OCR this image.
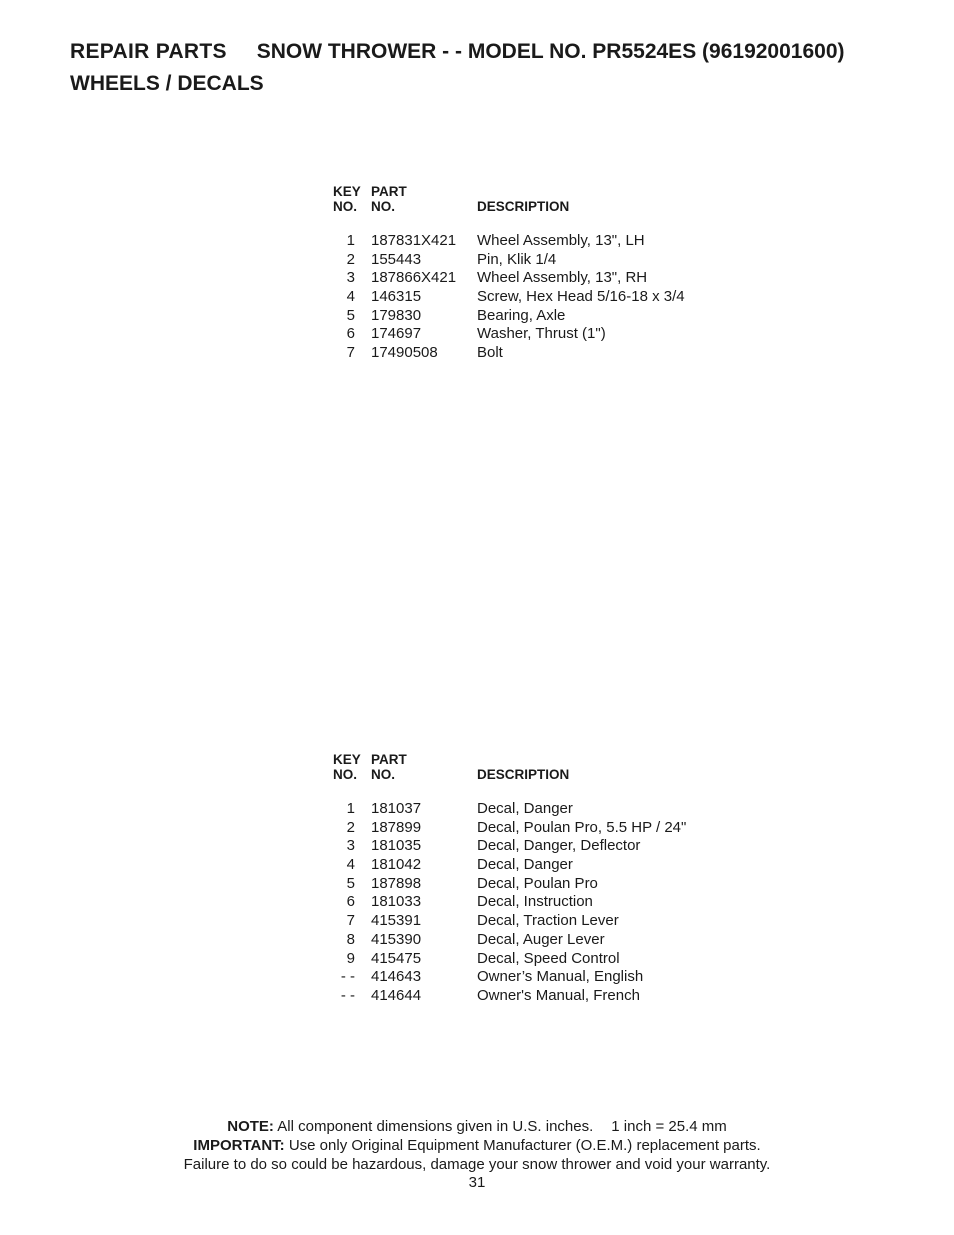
REPAIR PARTS SNOW THROWER - - MODEL NO. PR5524ES (96192001600)
WHEELS / DECALS
KEY
NO.
PART
NO.	DESCRIPTION
1	187831X421	Wheel Assembly, 13", LH
2	155443	Pin, Klik 1/4
3	187866X421	Wheel Assembly, 13", RH
4	146315	Screw, Hex Head 5/16-18 x 3/4
5	179830	Bearing, Axle
6	174697	Washer, Thrust (1")
7	17490508	Bolt
KEY
NO.
PART
NO.	DESCRIPTION
1	181037	Decal, Danger
2	187899	Decal, Poulan Pro, 5.5 HP / 24"
3	181035	Decal, Danger, Deflector
4	181042	Decal, Danger
5	187898	Decal, Poulan Pro
6	181033	Decal, Instruction
7	415391	Decal, Traction Lever
8	415390	Decal, Auger Lever
9	415475	Decal, Speed Control
- -	414643	Owner’s Manual, English
- -	414644	Owner's Manual, French
NOTE: All component dimensions given in U.S. inches. 1 inch = 25.4 mm
IMPORTANT: Use only Original Equipment Manufacturer (O.E.M.) replacement parts.
Failure to do so could be hazardous, damage your snow thrower and void your warranty.
31
